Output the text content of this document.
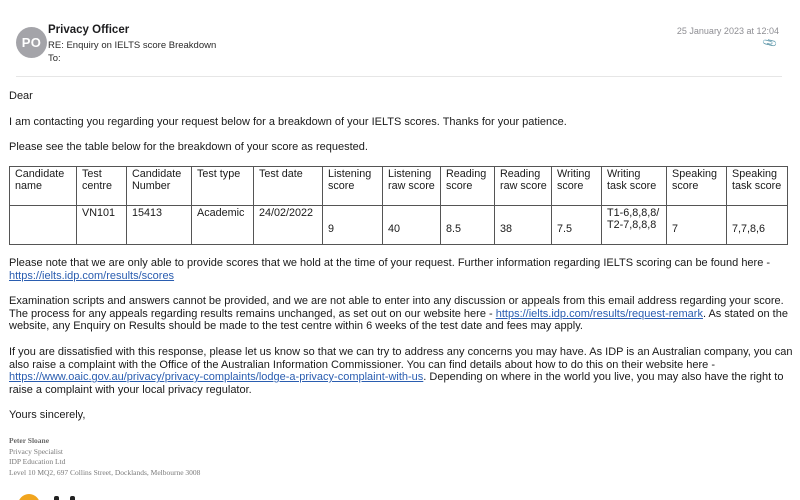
PO
Privacy Officer
RE: Enquiry on IELTS score Breakdown
To:
25 January 2023 at 12:04
📎
Dear
I am contacting you regarding your request below for a breakdown of your IELTS scores. Thanks for your patience.
Please see the table below for the breakdown of your score as requested.
Candidate name	Test centre	Candidate Number	Test type	Test date	Listening score	Listening raw score	Reading score	Reading raw score	Writing score	Writing task score	Speaking score	Speaking task score
	VN101	15413	Academic	24/02/2022	9	40	8.5	38	7.5	T1-6,8,8,8/T2-7,8,8,8	7	7,7,8,6
Please note that we are only able to provide scores that we hold at the time of your request. Further information regarding IELTS scoring can be found here - https://ielts.idp.com/results/scores
Examination scripts and answers cannot be provided, and we are not able to enter into any discussion or appeals from this email address regarding your score. The process for any appeals regarding results remains unchanged, as set out on our website here - https://ielts.idp.com/results/request-remark. As stated on the website, any Enquiry on Results should be made to the test centre within 6 weeks of the test date and fees may apply.
If you are dissatisfied with this response, please let us know so that we can try to address any concerns you may have. As IDP is an Australian company, you can also raise a complaint with the Office of the Australian Information Commissioner. You can find details about how to do this on their website here - https://www.oaic.gov.au/privacy/privacy-complaints/lodge-a-privacy-complaint-with-us. Depending on where in the world you live, you may also have the right to raise a complaint with your local privacy regulator.
Yours sincerely,
Peter Sloane
Privacy Specialist
IDP Education Ltd
Level 10 MQ2, 697 Collins Street, Docklands, Melbourne 3008
